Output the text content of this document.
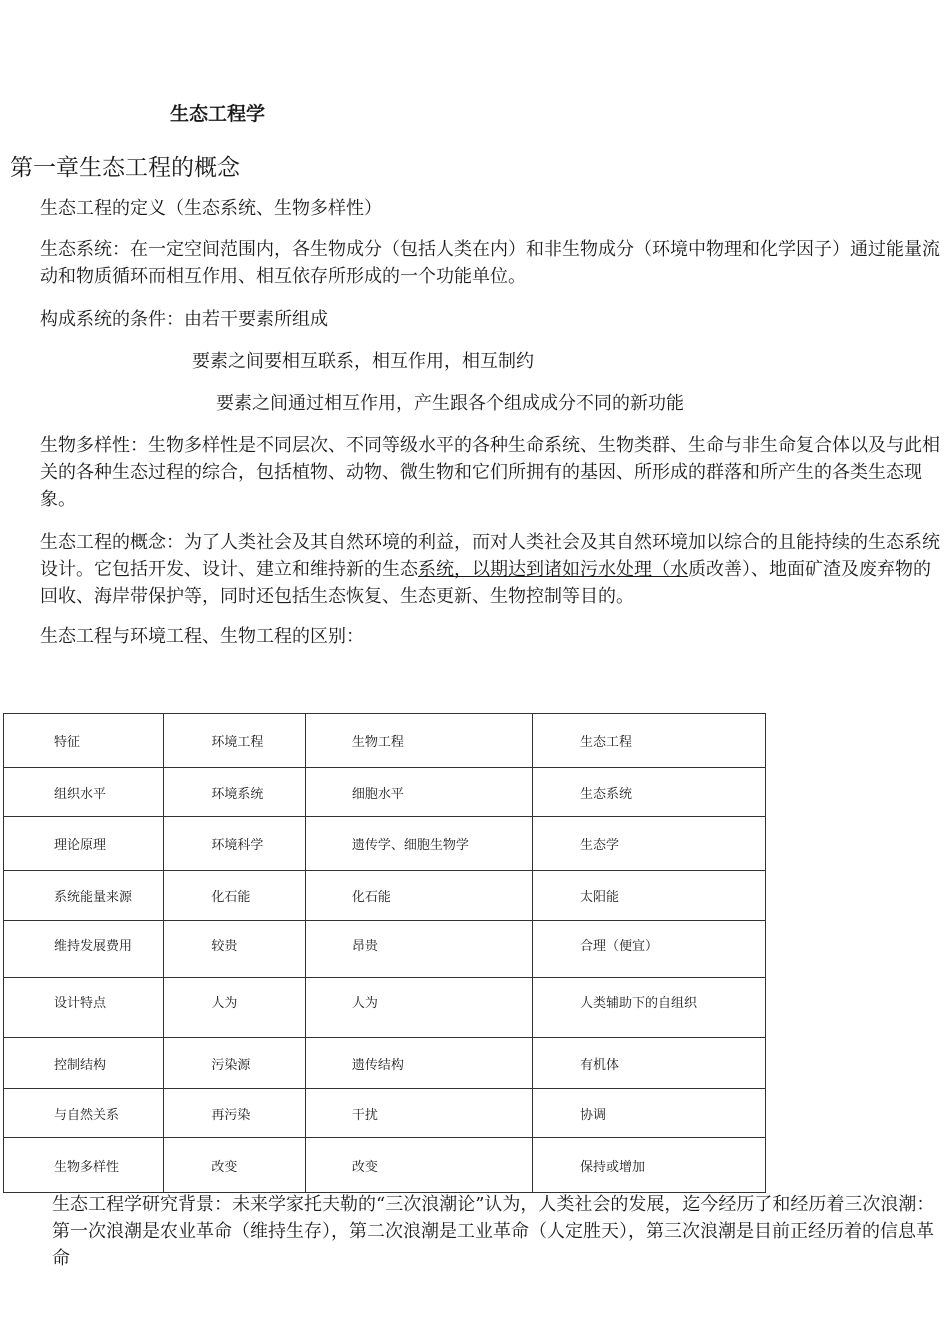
生态工程学
第一章生态工程的概念
生态工程的定义（生态系统、生物多样性）
生态系统：在一定空间范围内，各生物成分（包括人类在内）和非生物成分（环境中物理和化学因子）通过能量流动和物质循环而相互作用、相互依存所形成的一个功能单位。
构成系统的条件：由若干要素所组成
要素之间要相互联系，相互作用，相互制约
要素之间通过相互作用，产生跟各个组成成分不同的新功能
生物多样性：生物多样性是不同层次、不同等级水平的各种生命系统、生物类群、生命与非生命复合体以及与此相关的各种生态过程的综合，包括植物、动物、微生物和它们所拥有的基因、所形成的群落和所产生的各类生态现象。
生态工程的概念：为了人类社会及其自然环境的利益，而对人类社会及其自然环境加以综合的且能持续的生态系统设计。它包括开发、设计、建立和维持新的生态系统，以期达到诸如污水处理（水质改善）、地面矿渣及废弃物的回收、海岸带保护等，同时还包括生态恢复、生态更新、生物控制等目的。
生态工程与环境工程、生物工程的区别：
特征	环境工程	生物工程	生态工程

组织水平	环境系统	细胞水平	生态系统

理论原理	环境科学	遗传学、细胞生物学	生态学

系统能量来源	化石能	化石能	太阳能

维持发展费用	较贵	昂贵	合理（便宜）

设计特点	人为	人为	人类辅助下的自组织

控制结构	污染源	遗传结构	有机体

与自然关系	再污染	干扰	协调

生物多样性	改变	改变	保持或增加
生态工程学研究背景：未来学家托夫勒的“三次浪潮论”认为，人类社会的发展，迄今经历了和经历着三次浪潮：第一次浪潮是农业革命（维持生存），第二次浪潮是工业革命（人定胜天），第三次浪潮是目前正经历着的信息革命
